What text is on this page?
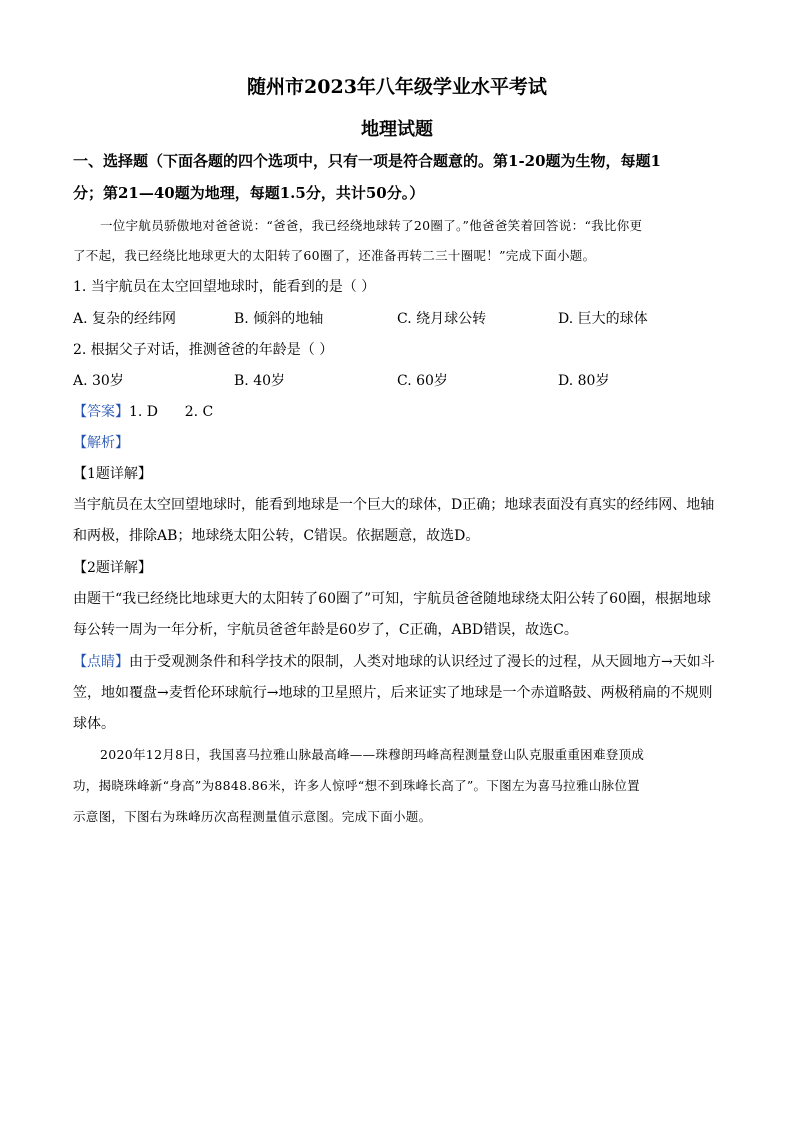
随州市2023年八年级学业水平考试
地理试题
一、选择题（下面各题的四个选项中，只有一项是符合题意的。第1-20题为生物，每题1
分；第21—40题为地理，每题1.5分，共计50分。）
一位宇航员骄傲地对爸爸说：“爸爸，我已经绕地球转了20圈了。”他爸爸笑着回答说：“我比你更
了不起，我已经绕比地球更大的太阳转了60圈了，还准备再转二三十圈呢！”完成下面小题。
1. 当宇航员在太空回望地球时，能看到的是（ ）
A. 复杂的经纬网	B. 倾斜的地轴	C. 绕月球公转	D. 巨大的球体
2. 根据父子对话，推测爸爸的年龄是（ ）
A. 30岁	B. 40岁	C. 60岁	D. 80岁
【答案】1. D      2. C
【解析】
【1题详解】
当宇航员在太空回望地球时，能看到地球是一个巨大的球体，D正确；地球表面没有真实的经纬网、地轴
和两极，排除AB；地球绕太阳公转，C错误。依据题意，故选D。
【2题详解】
由题干“我已经绕比地球更大的太阳转了60圈了”可知，宇航员爸爸随地球绕太阳公转了60圈，根据地球
每公转一周为一年分析，宇航员爸爸年龄是60岁了，C正确，ABD错误，故选C。
【点睛】由于受观测条件和科学技术的限制，人类对地球的认识经过了漫长的过程，从天圆地方→天如斗
笠，地如覆盘→麦哲伦环球航行→地球的卫星照片，后来证实了地球是一个赤道略鼓、两极稍扁的不规则
球体。
2020年12月8日，我国喜马拉雅山脉最高峰——珠穆朗玛峰高程测量登山队克服重重困难登顶成
功，揭晓珠峰新“身高”为8848.86米，许多人惊呼“想不到珠峰长高了”。下图左为喜马拉雅山脉位置
示意图，下图右为珠峰历次高程测量值示意图。完成下面小题。
